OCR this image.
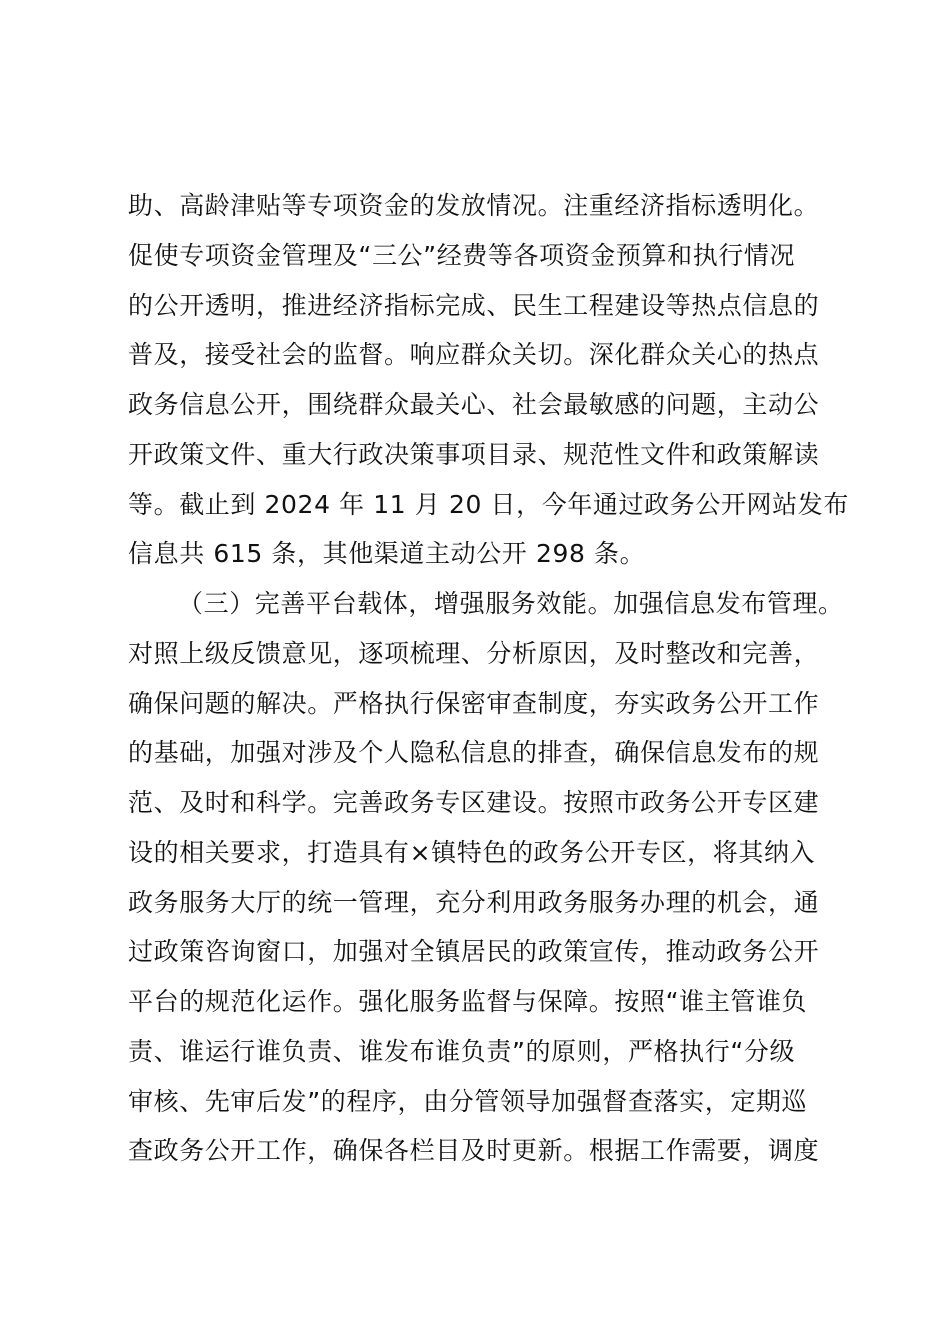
助、高龄津贴等专项资金的发放情况。注重经济指标透明化。
促使专项资金管理及“三公”经费等各项资金预算和执行情况
的公开透明，推进经济指标完成、民生工程建设等热点信息的
普及，接受社会的监督。响应群众关切。深化群众关心的热点
政务信息公开，围绕群众最关心、社会最敏感的问题，主动公
开政策文件、重大行政决策事项目录、规范性文件和政策解读
等。截止到 2024 年 11 月 20 日，今年通过政务公开网站发布
信息共 615 条，其他渠道主动公开 298 条。
（三）完善平台载体，增强服务效能。加强信息发布管理。
对照上级反馈意见，逐项梳理、分析原因，及时整改和完善，
确保问题的解决。严格执行保密审查制度，夯实政务公开工作
的基础，加强对涉及个人隐私信息的排查，确保信息发布的规
范、及时和科学。完善政务专区建设。按照市政务公开专区建
设的相关要求，打造具有×镇特色的政务公开专区，将其纳入
政务服务大厅的统一管理，充分利用政务服务办理的机会，通
过政策咨询窗口，加强对全镇居民的政策宣传，推动政务公开
平台的规范化运作。强化服务监督与保障。按照“谁主管谁负
责、谁运行谁负责、谁发布谁负责”的原则，严格执行“分级
审核、先审后发”的程序，由分管领导加强督查落实，定期巡
查政务公开工作，确保各栏目及时更新。根据工作需要，调度
